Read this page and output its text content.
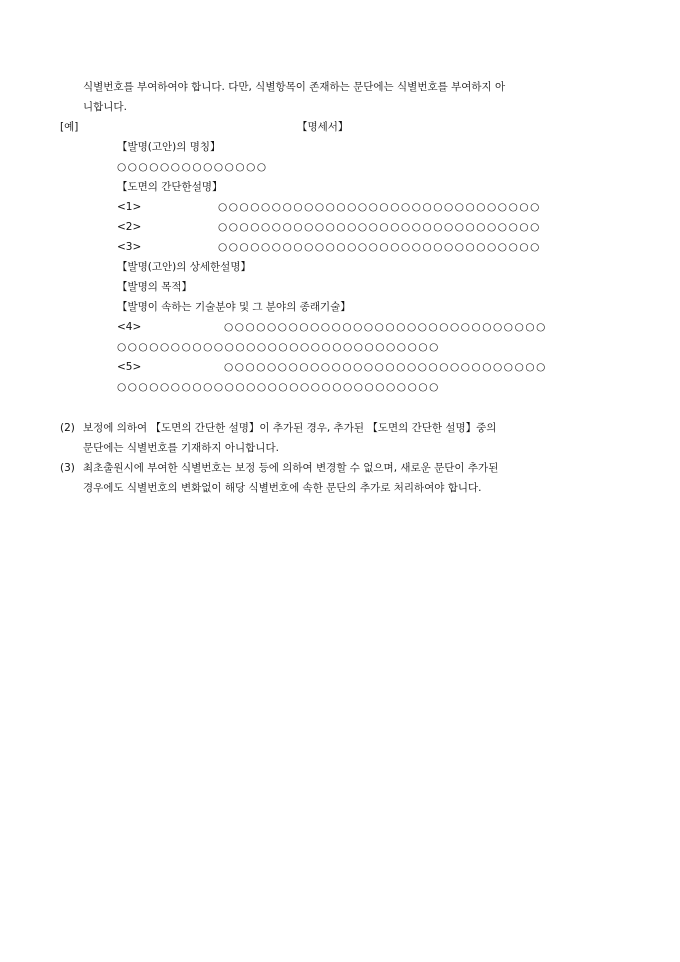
식별번호를 부여하여야 합니다. 다만, 식별항목이 존재하는 문단에는 식별번호를 부여하지 아
니합니다.
[예]	【명세서】
【발명(고안)의 명칭】
○○○○○○○○○○○○○○
【도면의 간단한설명】
<1>	○○○○○○○○○○○○○○○○○○○○○○○○○○○○○○
<2>	○○○○○○○○○○○○○○○○○○○○○○○○○○○○○○
<3>	○○○○○○○○○○○○○○○○○○○○○○○○○○○○○○
【발명(고안)의 상세한설명】
【발명의 목적】
【발명이 속하는 기술분야 및 그 분야의 종래기술】
<4>	○○○○○○○○○○○○○○○○○○○○○○○○○○○○○○
○○○○○○○○○○○○○○○○○○○○○○○○○○○○○○
<5>	○○○○○○○○○○○○○○○○○○○○○○○○○○○○○○
○○○○○○○○○○○○○○○○○○○○○○○○○○○○○○
(2) 보정에 의하여 【도면의 간단한 설명】이 추가된 경우, 추가된 【도면의 간단한 설명】중의
문단에는 식별번호를 기재하지 아니합니다.
(3) 최초출원시에 부여한 식별번호는 보정 등에 의하여 변경할 수 없으며, 새로운 문단이 추가된
경우에도 식별번호의 변화없이 해당 식별번호에 속한 문단의 추가로 처리하여야 합니다.
